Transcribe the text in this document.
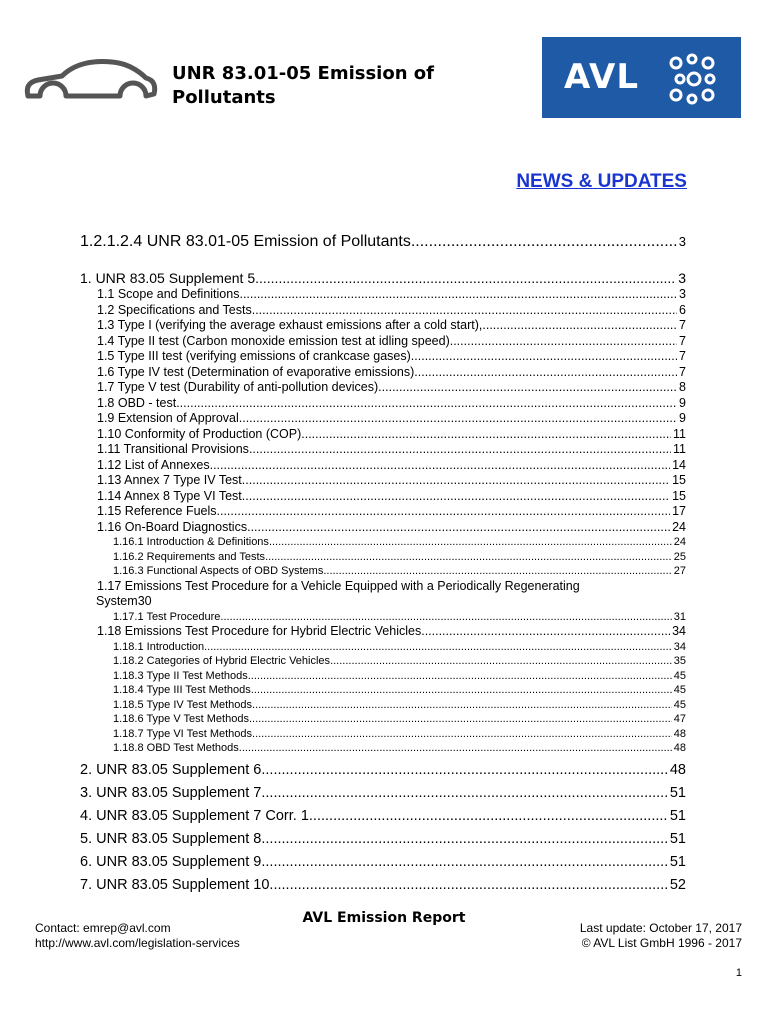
UNR 83.01-05 Emission of Pollutants
AVL
NEWS & UPDATES
1.2.1.2.4 UNR 83.01-05 Emission of Pollutants .....	3
1. UNR 83.05 Supplement 5 .....	3
1.1 Scope and Definitions .....	3
1.2 Specifications and Tests .....	6
1.3 Type I (verifying the average exhaust emissions after a cold start), .....	7
1.4 Type II test (Carbon monoxide emission test at idling speed) .....	7
1.5 Type III test (verifying emissions of crankcase gases) .....	7
1.6 Type IV test (Determination of evaporative emissions) .....	7
1.7 Type V test (Durability of anti-pollution devices) .....	8
1.8 OBD - test .....	9
1.9 Extension of Approval .....	9
1.10 Conformity of Production (COP) .....	11
1.11 Transitional Provisions .....	11
1.12 List of Annexes .....	14
1.13 Annex 7 Type IV Test .....	15
1.14 Annex 8 Type VI Test .....	15
1.15 Reference Fuels .....	17
1.16 On-Board Diagnostics .....	24
1.16.1 Introduction & Definitions .....	24
1.16.2 Requirements and Tests .....	25
1.16.3 Functional Aspects of OBD Systems .....	27
1.17 Emissions Test Procedure for a Vehicle Equipped with a Periodically Regenerating
System 30
1.17.1 Test Procedure .....	31
1.18 Emissions Test Procedure for Hybrid Electric Vehicles .....	34
1.18.1 Introduction .....	34
1.18.2 Categories of Hybrid Electric Vehicles .....	35
1.18.3 Type II Test Methods .....	45
1.18.4 Type III Test Methods .....	45
1.18.5 Type IV Test Methods .....	45
1.18.6 Type V Test Methods .....	47
1.18.7 Type VI Test Methods .....	48
1.18.8 OBD Test Methods .....	48
2. UNR 83.05 Supplement 6 .....	48
3. UNR 83.05 Supplement 7 .....	51
4. UNR 83.05 Supplement 7 Corr. 1 .....	51
5. UNR 83.05 Supplement 8 .....	51
6. UNR 83.05 Supplement 9 .....	51
7. UNR 83.05 Supplement 10 .....	52
AVL Emission Report
Contact: emrep@avl.com
http://www.avl.com/legislation-services
Last update: October 17, 2017
© AVL List GmbH 1996 - 2017
1
